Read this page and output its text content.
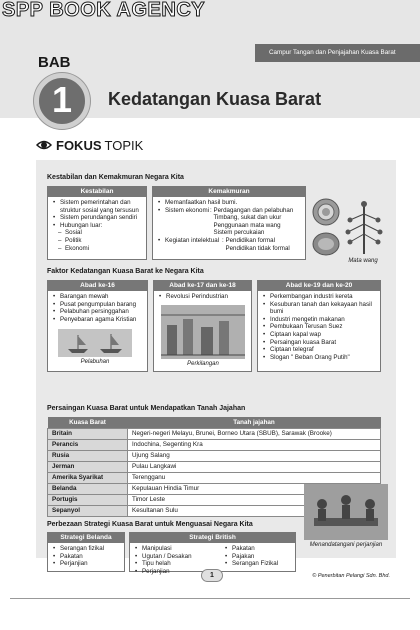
SPP BOOK AGENCY
Campur Tangan dan Penjajahan Kuasa Barat
BAB
1	Kedatangan Kuasa Barat
FOKUS TOPIK
Kestabilan dan Kemakmuran Negara Kita
Kestabilan
• Sistem pemerintahan dan
struktur sosial yang tersusun
• Sistem perundangan sendiri
• Hubungan luar:
– Sosial
– Politik
– Ekonomi
Kemakmuran
• Memanfaatkan hasil bumi.
• Sistem ekonomi : Perdagangan dan pelabuhan
Timbang, sukat dan ukur
Penggunaan mata wang
Sistem percukaian
• Kegiatan intelektual : Pendidikan formal
Pendidikan tidak formal
Mata wang
Faktor Kedatangan Kuasa Barat ke Negara Kita
Abad ke-16
• Barangan mewah
• Pusat pengumpulan barang
• Pelabuhan persinggahan
• Penyebaran agama Kristian
Pelabuhan
Abad ke-17 dan ke-18
• Revolusi Perindustrian
Perkilangan
Abad ke-19 dan ke-20
• Perkembangan industri kereta
• Kesuburan tanah dan kekayaan hasil
bumi
• Industri mengetin makanan
• Pembukaan Terusan Suez
• Ciptaan kapal wap
• Persaingan kuasa Barat
• Ciptaan telegraf
• Slogan " Beban Orang Putih"
Persaingan Kuasa Barat untuk Mendapatkan Tanah Jajahan
Kuasa Barat	Tanah jajahan
Britain	Negeri-negeri Melayu, Brunei, Borneo Utara (SBUB), Sarawak (Brooke)
Perancis	Indochina, Segenting Kra
Rusia	Ujung Salang
Jerman	Pulau Langkawi
Amerika Syarikat	Terengganu
Belanda	Kepulauan Hindia Timur
Portugis	Timor Leste
Sepanyol	Kesultanan Sulu
Perbezaan Strategi Kuasa Barat untuk Menguasai Negara Kita
Strategi Belanda
• Serangan fizikal
• Pakatan
• Perjanjian
Strategi British
• Manipulasi
• Ugutan / Desakan
• Tipu helah
• Perjanjian
• Pakatan
• Pajakan
• Serangan Fizikal
Menandatangani perjanjian
1	© Penerbitan Pelangi Sdn. Bhd.
